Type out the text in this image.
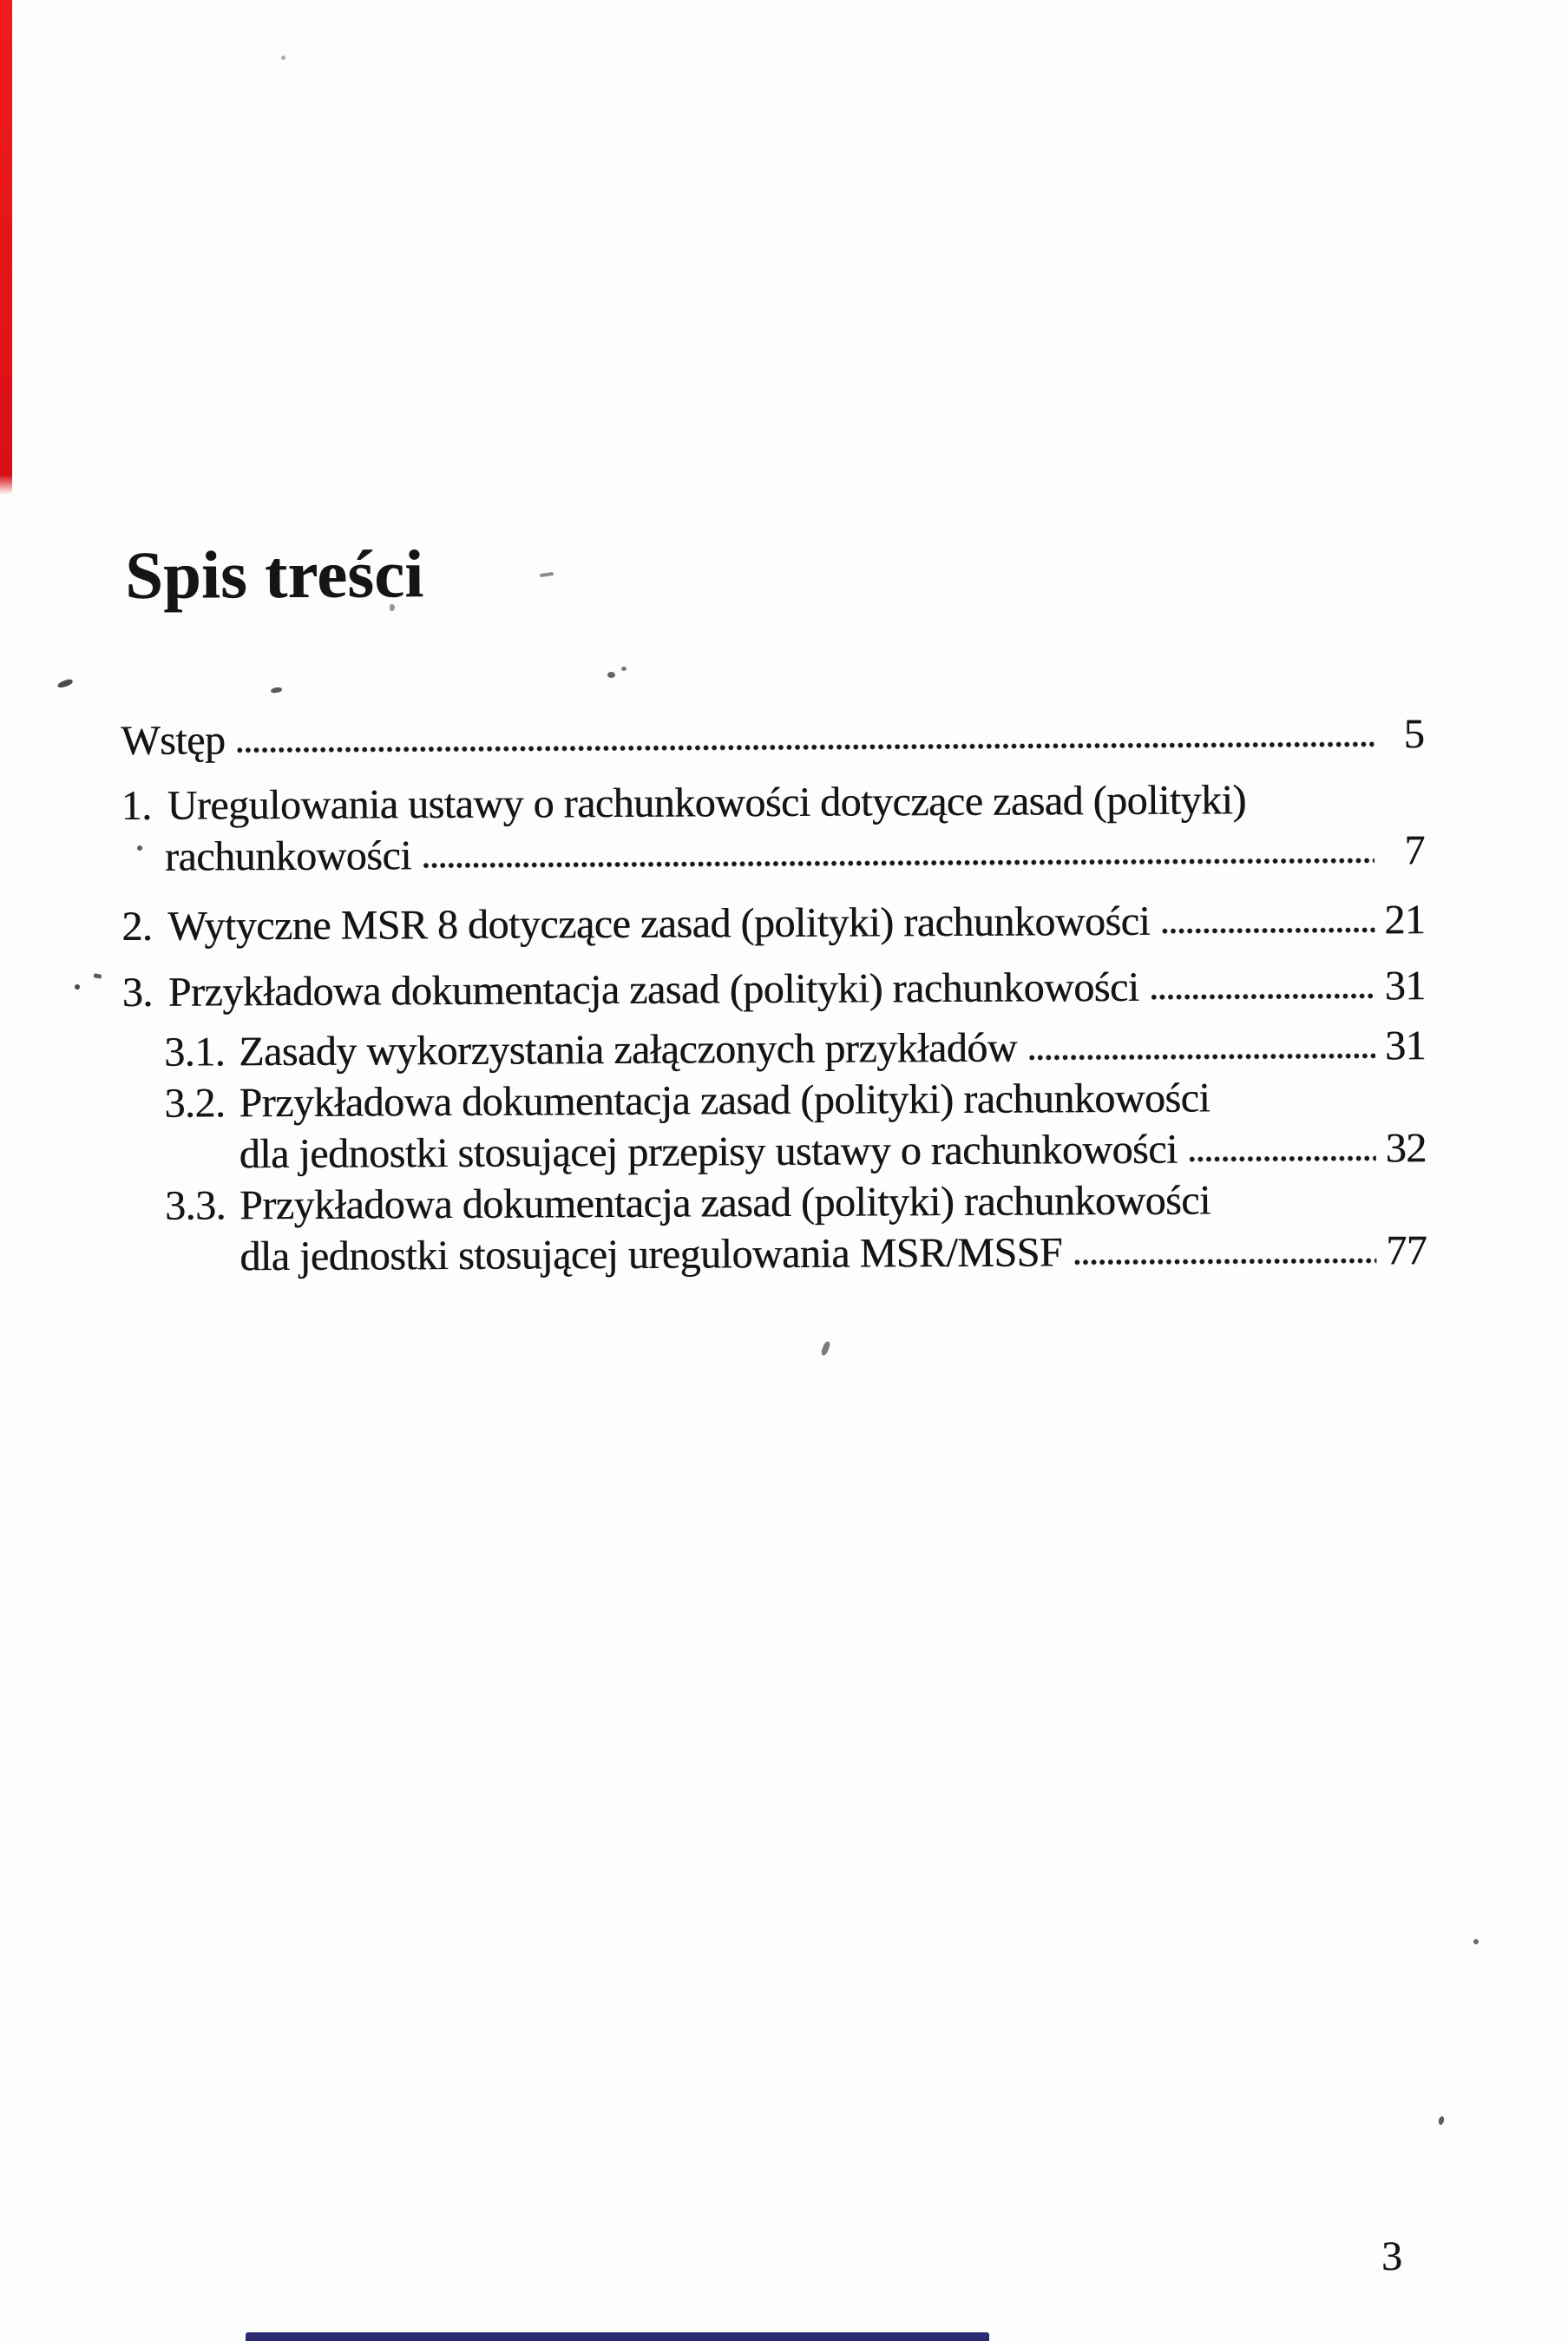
Spis treści
Wstęp	5
1. Uregulowania ustawy o rachunkowości dotyczące zasad (polityki)
rachunkowości	7
2. Wytyczne MSR 8 dotyczące zasad (polityki) rachunkowości	21
3. Przykładowa dokumentacja zasad (polityki) rachunkowości	31
3.1. Zasady wykorzystania załączonych przykładów	31
3.2. Przykładowa dokumentacja zasad (polityki) rachunkowości
dla jednostki stosującej przepisy ustawy o rachunkowości	32
3.3. Przykładowa dokumentacja zasad (polityki) rachunkowości
dla jednostki stosującej uregulowania MSR/MSSF	77
3
